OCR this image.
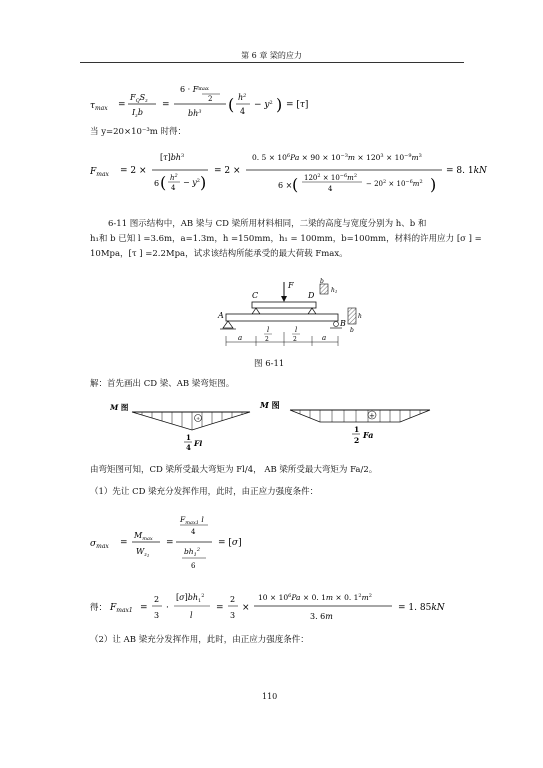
第 6 章 梁的应力
$\tau_{max}$ =
$F_QS_z$
$I_zb$
=
$6 \cdot F^{max}$
2
$bh^3$ ( $h^2$
4
− $y^2$ ) = [τ]
当 y=20×10⁻³m 时得：
$F_{max} = 2$ ×
$[\tau]bh^3$
6 ( $h^2$
4
− $y^2$ )
= 2 ×
0. $5 \times 10^6Pa \times 90 \times 10^{-3}m \times 120^3 \times 10^{-9}m^3$
6 × ( $120^2 \times 10^{-6}m^2$
4
− $20^2 \times 10^{-6}m^2$ )
= 8. 1kN
6-11 图示结构中，AB 梁与 CD 梁所用材料相同，二梁的高度与宽度分别为 h、b 和
h₁和 b 已知 l =3.6m，a=1.3m，h =150mm，h₁ = 100mm，b=100mm，材料的许用应力 [σ ] =
10Mpa，[τ ] =2.2Mpa，试求该结构所能承受的最大荷载 Fmax。
C	D
F
A
B
b
h1
h
b
a
l
2
l
2	a
图 6-11
解：首先画出 CD 梁、AB 梁弯矩图。
M 图
+
1
4 Fl
M 图
+
1
2
Fa
由弯矩图可知，CD 梁所受最大弯矩为 Fl/4， AB 梁所受最大弯矩为 Fa/2。
（1）先让 CD 梁充分发挥作用，此时，由正应力强度条件：
$\sigma_{max}$ =
$M_{max}$
$W_z1$
=
$F_{max1}$ l
4
$bh_1^2$
6
= [σ]
得： $F_{max1}$ =
2
3
·
$[\sigma]bh_1^2$
l
=
2
3
×
$10 \times 10^6Pa \times 0$. 1m × 0. $1^2m^2$
3. 6m
= 1. 85kN
（2）让 AB 梁充分发挥作用，此时，由正应力强度条件：
110
